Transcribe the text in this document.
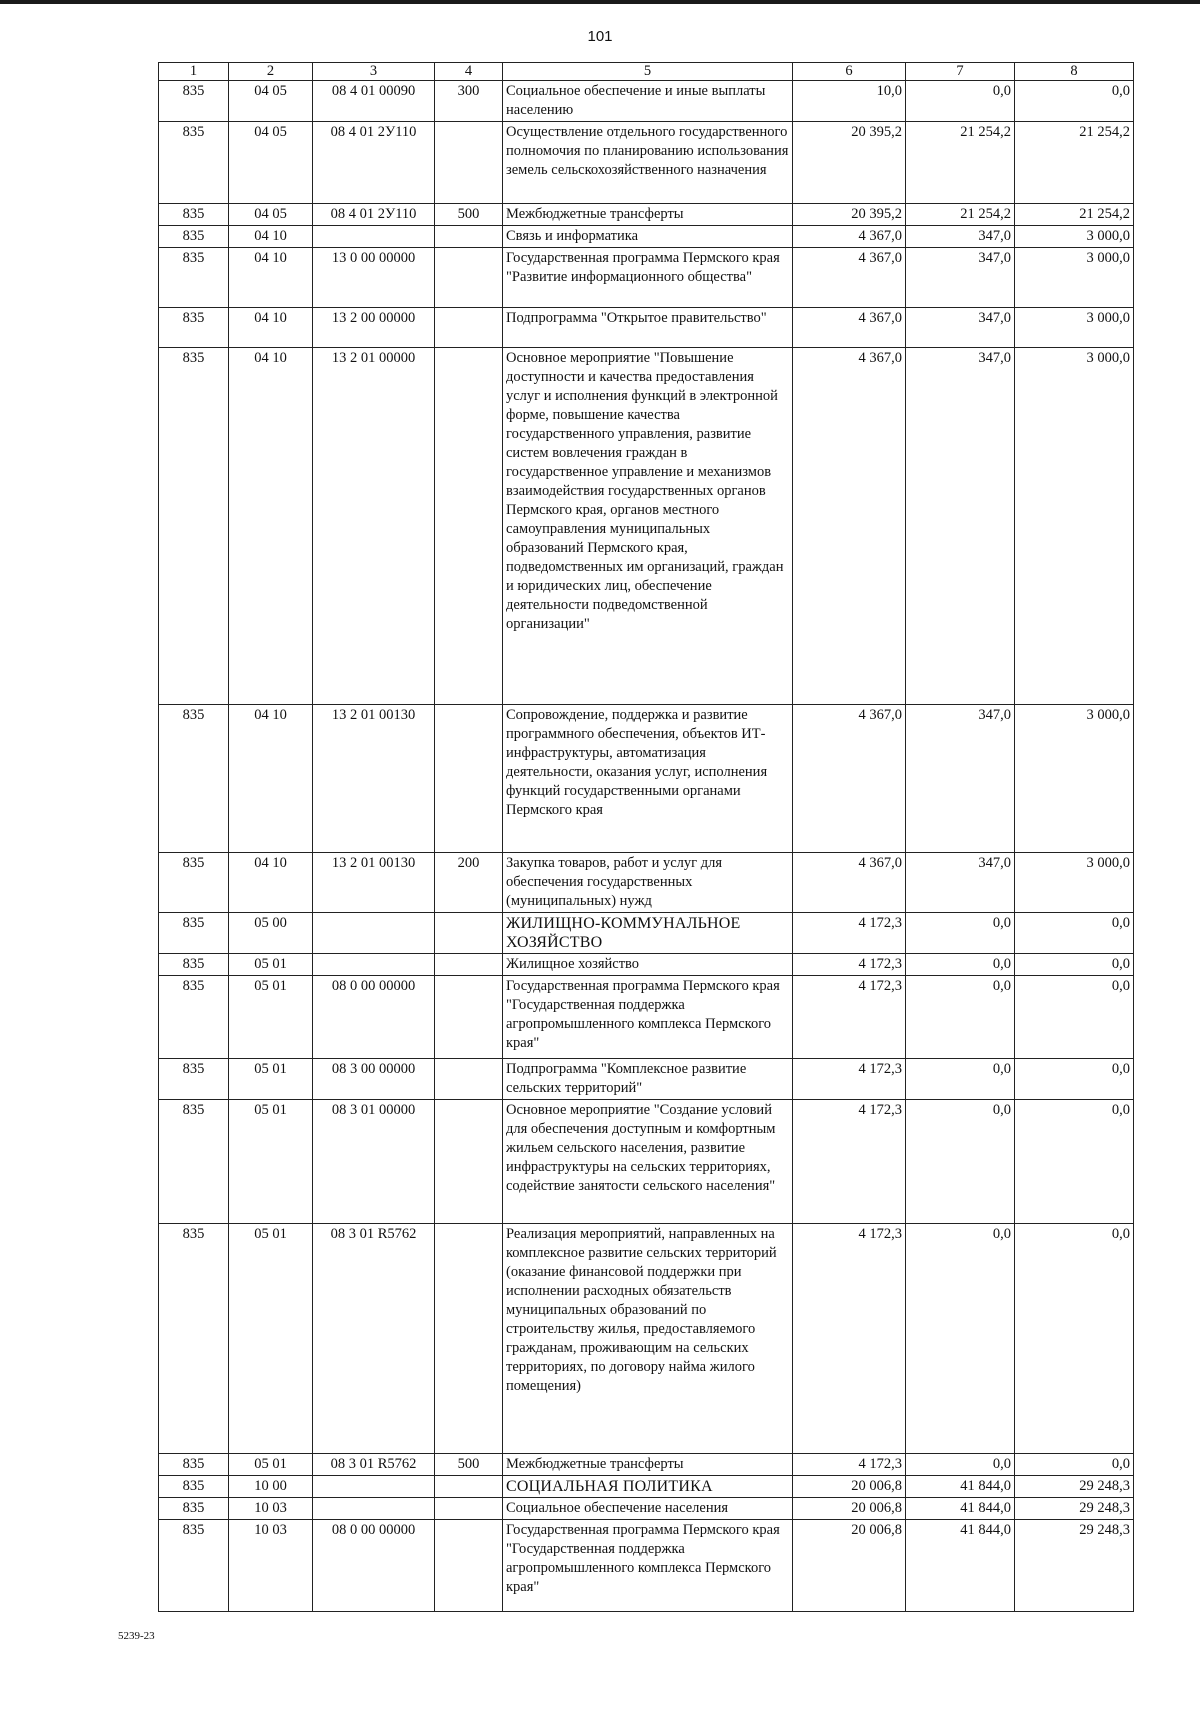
101
1	2	3	4	5	6	7	8
835	04 05	08 4 01 00090	300	Социальное обеспечение и иные выплаты населению	10,0	0,0	0,0
835	04 05	08 4 01 2У110		Осуществление отдельного государственного полномочия по планированию использования земель сельскохозяйственного назначения	20 395,2	21 254,2	21 254,2
835	04 05	08 4 01 2У110	500	Межбюджетные трансферты	20 395,2	21 254,2	21 254,2
835	04 10			Связь и информатика	4 367,0	347,0	3 000,0
835	04 10	13 0 00 00000		Государственная программа Пермского края "Развитие информационного общества"	4 367,0	347,0	3 000,0
835	04 10	13 2 00 00000		Подпрограмма "Открытое правительство"	4 367,0	347,0	3 000,0
835	04 10	13 2 01 00000		Основное мероприятие "Повышение доступности и качества предоставления услуг и исполнения функций в электронной форме, повышение качества государственного управления, развитие систем вовлечения граждан в государственное управление и механизмов взаимодействия государственных органов Пермского края, органов местного самоуправления муниципальных образований Пермского края, подведомственных им организаций, граждан и юридических лиц, обеспечение деятельности подведомственной организации"	4 367,0	347,0	3 000,0
835	04 10	13 2 01 00130		Сопровождение, поддержка и развитие программного обеспечения, объектов ИТ-инфраструктуры, автоматизация деятельности, оказания услуг, исполнения функций государственными органами Пермского края	4 367,0	347,0	3 000,0
835	04 10	13 2 01 00130	200	Закупка товаров, работ и услуг для обеспечения государственных (муниципальных) нужд	4 367,0	347,0	3 000,0
835	05 00			ЖИЛИЩНО-КОММУНАЛЬНОЕ ХОЗЯЙСТВО	4 172,3	0,0	0,0
835	05 01			Жилищное хозяйство	4 172,3	0,0	0,0
835	05 01	08 0 00 00000		Государственная программа Пермского края "Государственная поддержка агропромышленного комплекса Пермского края"	4 172,3	0,0	0,0
835	05 01	08 3 00 00000		Подпрограмма "Комплексное развитие сельских территорий"	4 172,3	0,0	0,0
835	05 01	08 3 01 00000		Основное мероприятие "Создание условий для обеспечения доступным и комфортным жильем сельского населения, развитие инфраструктуры на сельских территориях, содействие занятости сельского населения"	4 172,3	0,0	0,0
835	05 01	08 3 01 R5762		Реализация мероприятий, направленных на комплексное развитие сельских территорий (оказание финансовой поддержки при исполнении расходных обязательств муниципальных образований по строительству жилья, предоставляемого гражданам, проживающим на сельских территориях, по договору найма жилого помещения)	4 172,3	0,0	0,0
835	05 01	08 3 01 R5762	500	Межбюджетные трансферты	4 172,3	0,0	0,0
835	10 00			СОЦИАЛЬНАЯ ПОЛИТИКА	20 006,8	41 844,0	29 248,3
835	10 03			Социальное обеспечение населения	20 006,8	41 844,0	29 248,3
835	10 03	08 0 00 00000		Государственная программа Пермского края "Государственная поддержка агропромышленного комплекса Пермского края"	20 006,8	41 844,0	29 248,3
5239-23
